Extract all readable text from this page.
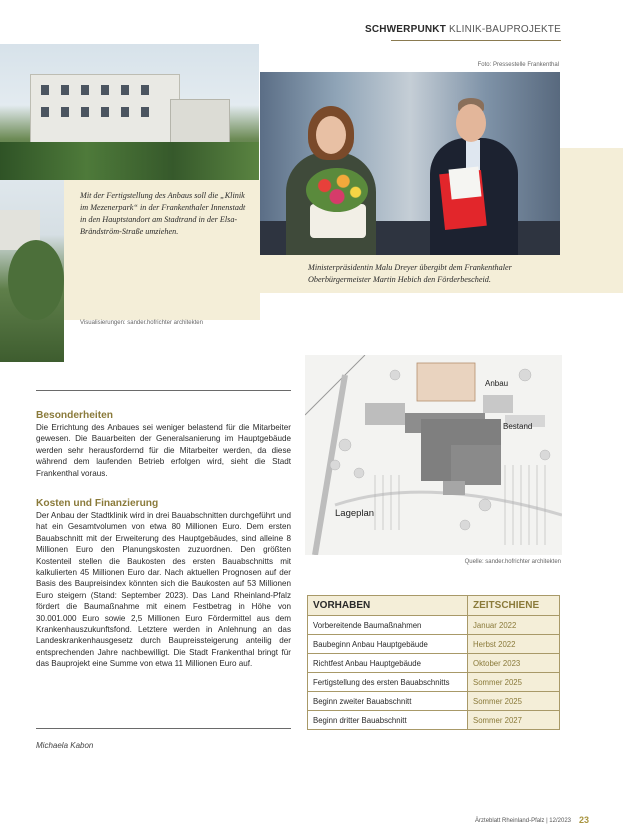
SCHWERPUNKT KLINIK-BAUPROJEKTE
Mit der Fertigstellung des Anbaus soll die „Klinik im Mezenerpark“ in der Frankenthaler Innenstadt in den Hauptstandort am Stadtrand in der Elsa- Brändström-Straße umziehen.
Foto: Pressestelle Frankenthal
Ministerpräsidentin Malu Dreyer übergibt dem Frankenthaler Oberbürgermeister Martin Hebich den Förderbescheid.
Visualisierungen: sander.hofrichter architekten
Anbau
Bestand
Lageplan
Quelle: sander.hofrichter architekten
Besonderheiten

Die Errichtung des Anbaues sei weniger belastend für die Mitarbeiter gewesen. Die Bauarbeiten der Generalsanierung im Hauptgebäude werden sehr herausfordernd für die Mitarbeiter werden, da diese während dem laufenden Betrieb erfolgen wird, sieht die Stadt Frankenthal voraus.

Kosten und Finanzierung

Der Anbau der Stadtklinik wird in drei Bauabschnitten durchgeführt und hat ein Gesamtvolumen von etwa 80 Millionen Euro. Dem ersten Bauabschnitt mit der Erweiterung des Hauptgebäudes, sind alleine 8 Millionen Euro den Planungskosten zuzuordnen. Den größten Kostenteil stellen die Baukosten des ersten Bauabschnitts mit kalkulierten 45 Millionen Euro dar. Nach aktuellen Prognosen auf der Basis des Baupreisindex könnten sich die Baukosten auf 53 Millionen Euro steigern (Stand: September 2023). Das Land Rheinland-Pfalz fördert die Baumaßnahme mit einem Festbetrag in Höhe von 30.001.000 Euro sowie 2,5 Millionen Euro Fördermittel aus dem Krankenhauszukunftsfond. Letztere werden in Anlehnung an das Landeskrankenhausgesetz durch Baupreissteigerung anteilig der entsprechenden Jahre nachbewilligt. Die Stadt Frankenthal bringt für das Bauprojekt eine Summe von etwa 11 Millionen Euro auf.

Michaela Kabon
VORHABEN	ZEITSCHIENE
Vorbereitende Baumaßnahmen	Januar 2022
Baubeginn Anbau Hauptgebäude	Herbst 2022
Richtfest Anbau Hauptgebäude	Oktober 2023
Fertigstellung des ersten Bauabschnitts	Sommer 2025
Beginn zweiter Bauabschnitt	Sommer 2025
Beginn dritter Bauabschnitt	Sommer 2027
Ärzteblatt Rheinland-Pfalz | 12/2023 23
